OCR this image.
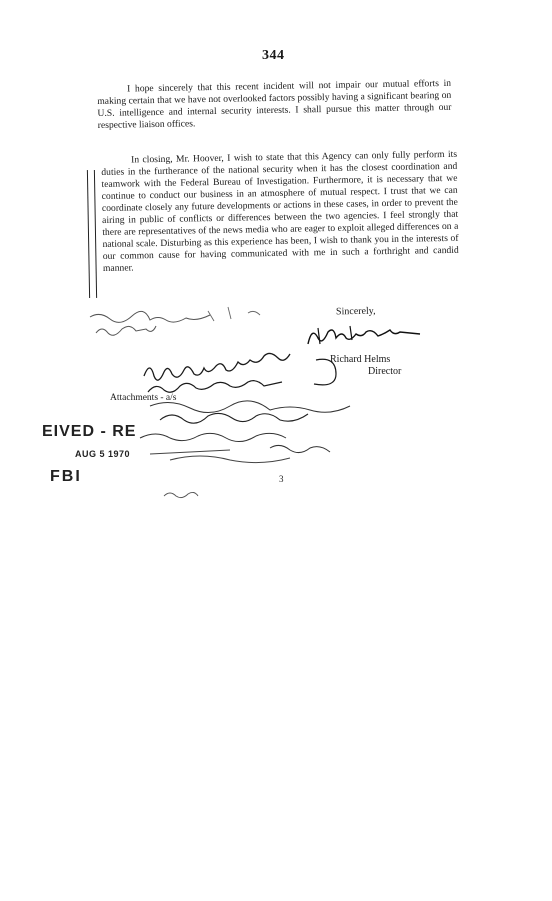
344

I hope sincerely that this recent incident will not impair our mutual efforts in making certain that we have not overlooked factors possibly having a significant bearing on U.S. intelligence and internal security interests. I shall pursue this matter through our respective liaison offices.

In closing, Mr. Hoover, I wish to state that this Agency can only fully perform its duties in the furtherance of the national security when it has the closest coordination and teamwork with the Federal Bureau of Investigation. Furthermore, it is necessary that we continue to conduct our business in an atmosphere of mutual respect. I trust that we can coordinate closely any future developments or actions in these cases, in order to prevent the airing in public of conflicts or differences between the two agencies. I feel strongly that there are representatives of the news media who are eager to exploit alleged differences on a national scale. Disturbing as this experience has been, I wish to thank you in the interests of our common cause for having communicated with me in such a forthright and candid manner.

Sincerely,
Richard Helms
Director
Attachments - a/s
EIVED - RE
AUG 5 1970
FBI	3
